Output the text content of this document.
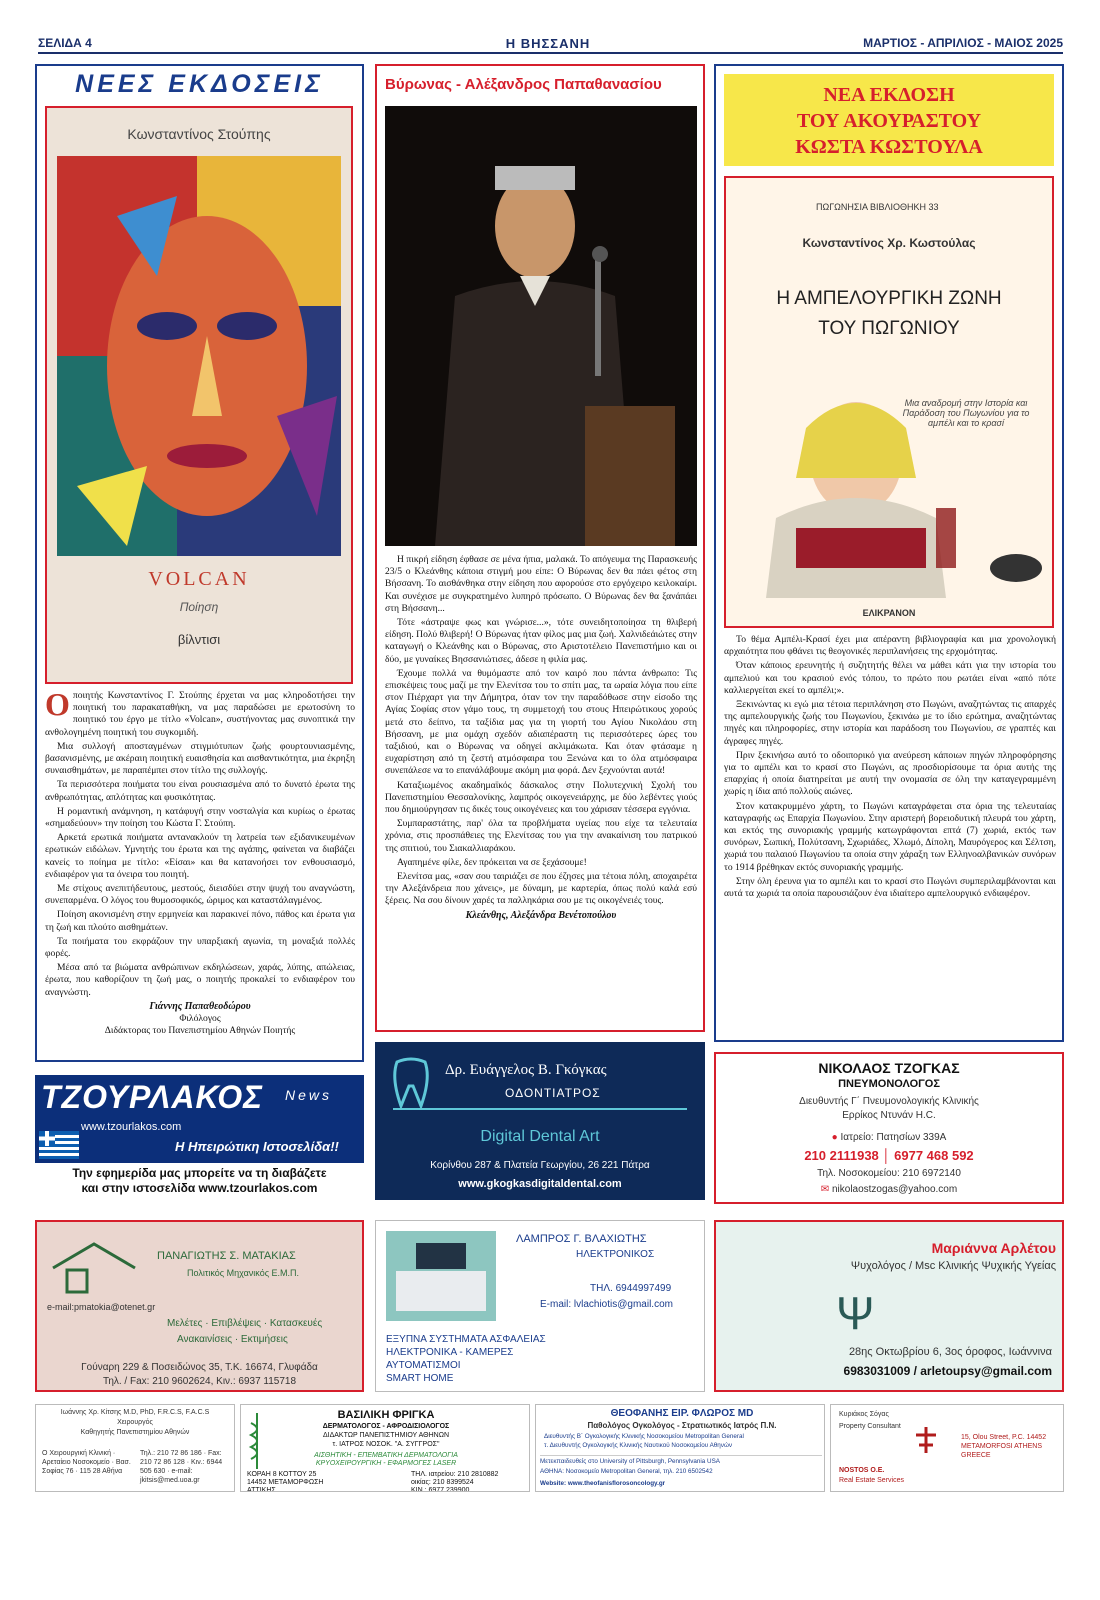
ΣΕΛΙΔΑ 4	Η ΒΗΣΣΑΝΗ	ΜΑΡΤΙΟΣ - ΑΠΡΙΛΙΟΣ - ΜΑΙΟΣ 2025
ΝΕΕΣ ΕΚΔΟΣΕΙΣ
Κωνσταντίνος Στούπης
VOLCAN
Ποίηση
βίλντισι

Οποιητής Κωνσταντίνος Γ. Στούπης έρχεται να μας κληροδοτήσει την ποιητική του παρακαταθήκη, να μας παραδώσει με ερωτοσύνη το ποιητικό του έργο με τίτλο «Volcan», συστήνοντας μας συνοπτικά την ανθολογημένη ποιητική του συγκομιδή.

Μια συλλογή αποσταγμένων στιγμιότυπων ζωής φουρτουνιασμένης, βασανισμένης, με ακέραιη ποιητική ευαισθησία και αισθαντικότητα, μια έκρηξη συναισθημάτων, με παραπέμπει στον τίτλο της συλλογής.

Τα περισσότερα ποιήματα του είναι ρουσιασμένα από το δυνατό έρωτα της ανθρωπότητας, απλότητας και φυσικότητας.

Η ρομαντική ανάμνηση, η κατάφυγή στην νοσταλγία και κυρίως ο έρωτας «σημαδεύουν» την ποίηση του Κώστα Γ. Στούπη.

Αρκετά ερωτικά ποιήματα αντανακλούν τη λατρεία των εξιδανικευμένων ερωτικών ειδώλων. Υμνητής του έρωτα και της αγάπης, φαίνεται να διαβάζει κανείς το ποίημα με τίτλο: «Είσαι» και θα κατανοήσει τον ενθουσιασμό, ενδιαφέρον για τα όνειρα του ποιητή.

Με στίχους ανεπιτήδευτους, μεστούς, διεισδύει στην ψυχή του αναγνώστη, συνεπαρμένα. Ο λόγος του θυμοσοφικός, ώριμος και καταστάλαγμένος.

Ποίηση ακονισμένη στην ερμηνεία και παρακινεί πόνο, πάθος και έρωτα για τη ζωή και πλούτο αισθημάτων.

Τα ποιήματα του εκφράζουν την υπαρξιακή αγωνία, τη μοναξιά πολλές φορές.

Μέσα από τα βιώματα ανθρώπινων εκδηλώσεων, χαράς, λύπης, απώλειας, έρωτα, που καθορίζουν τη ζωή μας, ο ποιητής προκαλεί το ενδιαφέρον του αναγνώστη.

Γιάννης Παπαθεοδώρου
Φιλόλογος
Διδάκτορας του Πανεπιστημίου Αθηνών Ποιητής
Βύρωνας - Αλέξανδρος Παπαθανασίου

Η πικρή είδηση έφθασε σε μένα ήπια, μαλακά. Το απόγευμα της Παρασκευής 23/5 ο Κλεάνθης κάποια στιγμή μου είπε: Ο Βύρωνας δεν θα πάει φέτος στη Βήσσανη. Το αισθάνθηκα στην είδηση που αφορούσε στο εργόχειρο κειλοκαίρι. Και συνέχισε με συγκρατημένο λυπηρό πρόσωπο. Ο Βύρωνας δεν θα ξανάπάει στη Βήσσανη...

Τότε «άστραψε φως και γνώρισε...», τότε συνειδητοποίησα τη θλιβερή είδηση. Πολύ θλιβερή! Ο Βύρωνας ήταν φίλος μας μια ζωή. Χαλνιδεάιώτες στην καταγωγή ο Κλεάνθης και ο Βύρωνας, στο Αριστοτέλειο Πανεπιστήμιο και οι δύο, με γυναίκες Βησσανιώτισες, άδεσε η φιλία μας.

Έχουμε πολλά να θυμόμαστε από τον καιρό που πάντα άνθρωπο: Τις επισκέψεις τους μαζί με την Ελενίτσα του το σπίτι μας, τα ωραία λόγια που είπε στον Πιέρχαρτ για την Δήμητρα, όταν τον την παραδόθωσε στην είσοδο της Αγίας Σοφίας στον γάμο τους, τη συμμετοχή του στους Ηπειρώτικους χορούς μετά στο δείπνο, τα ταξίδια μας για τη γιορτή του Αγίου Νικολάου στη Βήσσανη, με μια ομάχη σχεδόν αδιαπέραστη τις περισσότερες ώρες του ταξιδιού, και ο Βύρωνας να οδηγεί ακλιμάκωτα. Και όταν φτάσαμε η ευχαρίστηση από τη ζεστή ατμόσφαιρα του Ξενώνα και το όλα ατμόσφαιρα συνεπάλεσε να το επανάλάβουμε ακόμη μια φορά. Δεν ξεχνούνται αυτά!

Καταξιωμένος ακαδημαϊκός δάσκαλος στην Πολυτεχνική Σχολή του Πανεπιστημίου Θεσσαλονίκης, λαμπρός οικογενειάρχης, με δύο λεβέντες γιούς που δημιούργησαν τις δικές τους οικογένειες και του χάρισαν τέσσερα εγγόνια.

Συμπαραστάτης, παρ' όλα τα προβλήματα υγείας που είχε τα τελευταία χρόνια, στις προσπάθειες της Ελενίτσας του για την ανακαίνιση του πατρικού της σπιτιού, του Σιακαλλιαράκου.

Αγαπημένε φίλε, δεν πρόκειται να σε ξεχάσουμε!

Ελενίτσα μας, «σαν σου ταιριάζει σε που έζησες μια τέτοια πόλη, αποχαιρέτα την Αλεξάνδρεια που χάνεις», με δύναμη, με καρτερία, όπως πολύ καλά εσύ ξέρεις. Να σου δίνουν χαρές τα παλληκάρια σου με τις οικογένειές τους.

Κλεάνθης, Αλεξάνδρα Βενέτοπούλου
ΝΕΑ ΕΚΔΟΣΗ
ΤΟΥ ΑΚΟΥΡΑΣΤΟΥ
ΚΩΣΤΑ ΚΩΣΤΟΥΛΑ
ΠΩΓΩΝΗΣΙΑ ΒΙΒΛΙΟΘΗΚΗ 33
Κωνσταντίνος Χρ. Κωστούλας
Η ΑΜΠΕΛΟΥΡΓΙΚΗ ΖΩΝΗ
ΤΟΥ ΠΩΓΩΝΙΟΥ
Μια αναδρομή στην Ιστορία και Παράδοση του Πωγωνίου για το αμπέλι και το κρασί
ΕΛΙΚΡΑΝΟΝ

Το θέμα Αμπέλι-Κρασί έχει μια απέραντη βιβλιογραφία και μια χρονολογική αρχαιότητα που φθάνει τις θεογονικές περιπλανήσεις της ερχομότητας.

Όταν κάποιος ερευνητής ή συζητητής θέλει να μάθει κάτι για την ιστορία του αμπελιού και του κρασιού ενός τόπου, το πρώτο που ρωτάει είναι «από πότε καλλιεργείται εκεί το αμπέλι;».

Ξεκινώντας κι εγώ μια τέτοια περιπλάνηση στο Πωγώνι, αναζητώντας τις απαρχές της αμπελουργικής ζωής του Πωγωνίου, ξεκινάω με το ίδιο ερώτημα, αναζητώντας πηγές και πληροφορίες, στην ιστορία και παράδοση του Πωγωνίου, σε γραπτές και άγραφες πηγές.

Πριν ξεκινήσω αυτό το οδοιπορικό για ανεύρεση κάποιων πηγών πληροφόρησης για το αμπέλι και το κρασί στο Πωγώνι, ας προσδιορίσουμε τα όρια αυτής της επαρχίας ή οποία διατηρείται με αυτή την ονομασία σε όλη την καταγεγραμμένη χωρίς η ίδια από πολλούς αιώνες.

Στον κατακρυμμένο χάρτη, το Πωγώνι καταγράφεται στα όρια της τελευταίας καταγραφής ως Επαρχία Πωγωνίου. Στην αριστερή βορειοδυτική πλευρά του χάρτη, και εκτός της συνοριακής γραμμής κατωγράφονται επτά (7) χωριά, εκτός των συνόρων, Σωπική, Πολύτσανη, Σχωριάδες, Χλωμό, Δίπολη, Μαυρόγερος και Σέλτση, χωριά του παλαιού Πωγωνίου τα οποία στην χάραξη των Ελληνοαλβανικών συνόρων το 1914 βρέθηκαν εκτός συνοριακής γραμμής.

Στην όλη έρευνα για το αμπέλι και το κρασί στο Πωγώνι συμπεριλαμβάνονται και αυτά τα χωριά τα οποία παρουσιάζουν ένα ιδιαίτερο αμπελουργικό ενδιαφέρον.

ΤΖΟΥΡΛΑΚΟΣ News
www.tzourlakos.com
Η Ηπειρώτικη Ιστοσελίδα!!
Την εφημερίδα μας μπορείτε να τη διαβάζετε
και στην ιστοσελίδα www.tzourlakos.com
Δρ. Ευάγγελος Β. Γκόγκας
ΟΔΟΝΤΙΑΤΡΟΣ
Digital Dental Art
Κορίνθου 287 & Πλατεία Γεωργίου, 26 221 Πάτρα
www.gkogkasdigitaldental.com
ΝΙΚΟΛΑΟΣ ΤΖΟΓΚΑΣ
ΠΝΕΥΜΟΝΟΛΟΓΟΣ
Διευθυντής Γ΄ Πνευμονολογικής Κλινικής
Ερρίκος Ντυνάν Η.C.
● Ιατρείο: Πατησίων 339Α
210 2111938 │ 6977 468 592
Τηλ. Νοσοκομείου: 210 6972140
✉ nikolaostzogas@yahoo.com
ΠΑΝΑΓΙΩΤΗΣ Σ. ΜΑΤΑΚΙΑΣ
Πολιτικός Μηχανικός Ε.Μ.Π.
e-mail:pmatokia@otenet.gr
Μελέτες · Επιβλέψεις · Κατασκευές
Ανακαινίσεις · Εκτιμήσεις
Γούναρη 229 & Ποσειδώνος 35, Τ.Κ. 16674, Γλυφάδα
Τηλ. / Fax: 210 9602624, Κιν.: 6937 115718
ΛΑΜΠΡΟΣ Γ. ΒΛΑΧΙΩΤΗΣ
ΗΛΕΚΤΡΟΝΙΚΟΣ
ΤΗΛ. 6944997499
E-mail: lvlachiotis@gmail.com
ΕΞΥΠΝΑ ΣΥΣΤΗΜΑΤΑ ΑΣΦΑΛΕΙΑΣ
ΗΛΕΚΤΡΟΝΙΚΑ - ΚΑΜΕΡΕΣ
ΑΥΤΟΜΑΤΙΣΜΟΙ
SMART HOME
Μαριάννα Αρλέτου
Ψυχολόγος / Msc Κλινικής Ψυχικής Υγείας
Ψ
28ης Οκτωβρίου 6, 3ος όροφος, Ιωάννινα
6983031009 / arletoupsy@gmail.com
Ιωάννης Χρ. Κίτσης M.D, PhD, F.R.C.S, F.A.C.S
Χειρουργός
Καθηγητής Πανεπιστημίου Αθηνών
Ο Χειρουργική Κλινική · Αρεταίειο Νοσοκομείο · Βασ. Σοφίας 76 · 115 28 Αθήνα
Τηλ.: 210 72 86 186 · Fax: 210 72 86 128 · Κιν.: 6944 505 630 · e-mail: jkitsis@med.uoa.gr
ΒΑΣΙΛΙΚΗ ΦΡΙΓΚΑ
ΔΕΡΜΑΤΟΛΟΓΟΣ - ΑΦΡΟΔΙΣΙΟΛΟΓΟΣ
ΔΙΔΑΚΤΩΡ ΠΑΝΕΠΙΣΤΗΜΙΟΥ ΑΘΗΝΩΝ
τ. ΙΑΤΡΟΣ ΝΟΣΟΚ. "Α. ΣΥΓΓΡΟΣ"
ΑΙΣΘΗΤΙΚΗ - ΕΠΕΜΒΑΤΙΚΗ ΔΕΡΜΑΤΟΛΟΓΙΑ
ΚΡΥΟΧΕΙΡΟΥΡΓΙΚΗ - ΕΦΑΡΜΟΓΕΣ LASER
ΚΟΡΑΗ 8 ΚΟΤΤΟΥ 25
14452 ΜΕΤΑΜΟΡΦΩΣΗ
ΑΤΤΙΚΗΣ
ΤΗΛ. ιατρείου: 210 2810882
οικίας: 210 8399524
ΚΙΝ.: 6977 239900
ΘΕΟΦΑΝΗΣ ΕΙΡ. ΦΛΩΡΟΣ MD
Παθολόγος Ογκολόγος - Στρατιωτικός Ιατρός Π.Ν.
Διευθυντής Β΄ Ογκολογικής Κλινικής Νοσοκομείου Metropolitan General
τ. Διευθυντής Ογκολογικής Κλινικής Ναυτικού Νοσοκομείου Αθηνών
Μετεκπαιδευθείς στο University of Pittsburgh, Pennsylvania USA
ΑΘΗΝΑ: Νοσοκομείο Metropolitan General, τηλ. 210 6502542
Website: www.theofanisflorosoncology.gr
Κυριάκος Σόγας
Property Consultant
NOSTOS O.E.
Real Estate Services
15, Olou Street, P.C. 14452 METAMORFOSI ATHENS GREECE
